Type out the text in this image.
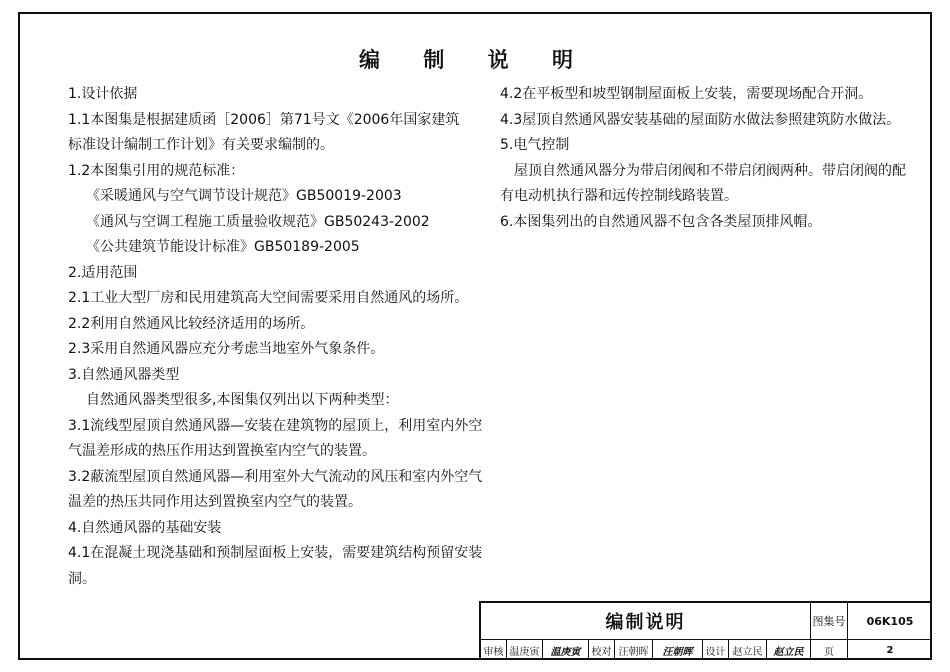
编 制 说 明

1.设计依据

1.1本图集是根据建质函［2006］第71号文《2006年国家建筑

标准设计编制工作计划》有关要求编制的。

1.2本图集引用的规范标准：

《采暖通风与空气调节设计规范》GB50019-2003

《通风与空调工程施工质量验收规范》GB50243-2002

《公共建筑节能设计标准》GB50189-2005

2.适用范围

2.1工业大型厂房和民用建筑高大空间需要采用自然通风的场所。

2.2利用自然通风比较经济适用的场所。

2.3采用自然通风器应充分考虑当地室外气象条件。

3.自然通风器类型

自然通风器类型很多,本图集仅列出以下两种类型：

3.1流线型屋顶自然通风器—安装在建筑物的屋顶上，利用室内外空

气温差形成的热压作用达到置换室内空气的装置。

3.2蔽流型屋顶自然通风器—利用室外大气流动的风压和室内外空气

温差的热压共同作用达到置换室内空气的装置。

4.自然通风器的基础安装

4.1在混凝土现浇基础和预制屋面板上安装，需要建筑结构预留安装

洞。

4.2在平板型和坡型钢制屋面板上安装，需要现场配合开洞。

4.3屋顶自然通风器安装基础的屋面防水做法参照建筑防水做法。

5.电气控制

屋顶自然通风器分为带启闭阀和不带启闭阀两种。带启闭阀的配

有电动机执行器和远传控制线路装置。

6.本图集列出的自然通风器不包含各类屋顶排风帽。

编制说明	图集号	06K105
审核 温庚寅	温庚寅	校对 汪朝晖	汪朝晖	设计 赵立民	赵立民	页	2
